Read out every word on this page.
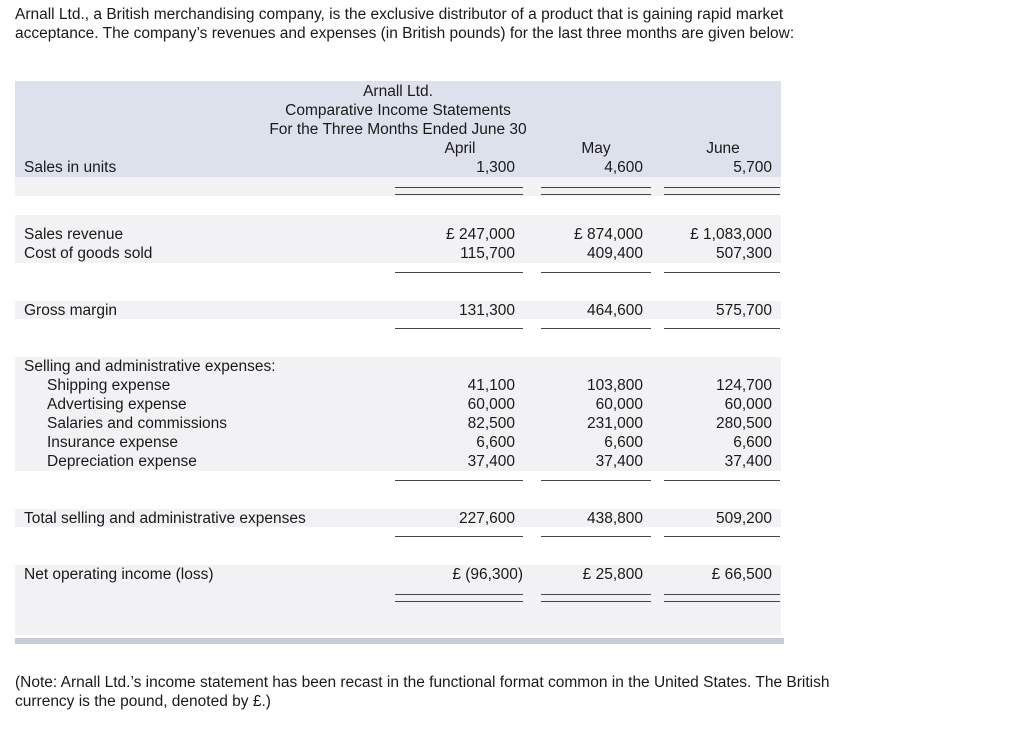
Arnall Ltd., a British merchandising company, is the exclusive distributor of a product that is gaining rapid market acceptance. The company’s revenues and expenses (in British pounds) for the last three months are given below:

Arnall Ltd.
Comparative Income Statements
For the Three Months Ended June 30
April	May	June
Sales in units	1,300	4,600	5,700
Sales revenue	£ 247,000	£ 874,000	£ 1,083,000
Cost of goods sold	115,700	409,400	507,300
Gross margin	131,300	464,600	575,700
Selling and administrative expenses:
Shipping expense	41,100	103,800	124,700
Advertising expense	60,000	60,000	60,000
Salaries and commissions	82,500	231,000	280,500
Insurance expense	6,600	6,600	6,600
Depreciation expense	37,400	37,400	37,400
Total selling and administrative expenses	227,600	438,800	509,200
Net operating income (loss)	£ (96,300)	£ 25,800	£ 66,500

(Note: Arnall Ltd.’s income statement has been recast in the functional format common in the United States. The British currency is the pound, denoted by £.)
